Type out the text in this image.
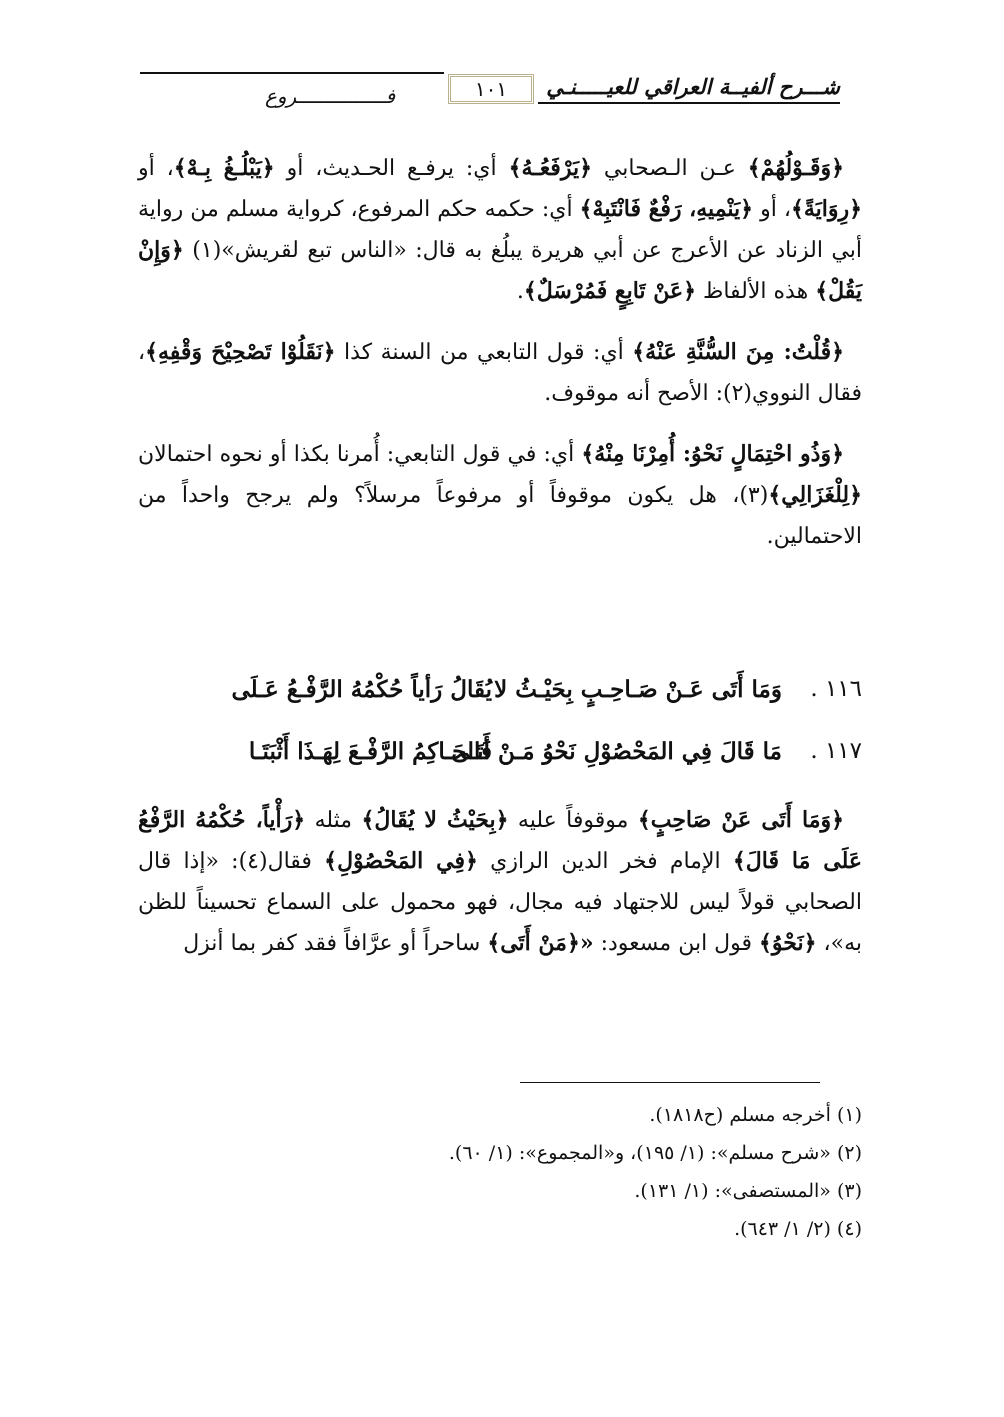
شـــرح ألفيــة العراقي للعيـــــنـي
١٠١
فـــــــــــــــروع

﴿وَقَـوْلُهُمْ﴾ عـن الـصحابي ﴿يَرْفَعُـهُ﴾ أي: يرفـع الحـديث، أو ﴿يَبْلُـغُ بِـهْ﴾، أو ﴿رِوَايَةً﴾، أو ﴿يَنْمِيهِ، رَفْعٌ فَانْتَبِهْ﴾ أي: حكمه حكم المرفوع، كرواية مسلم من رواية أبي الزناد عن الأعرج عن أبي هريرة يبلُغ به قال: «الناس تبع لقريش»(١) ﴿وَإِنْ يَقُلْ﴾ هذه الألفاظ ﴿عَنْ تَابِعٍ فَمُرْسَلٌ﴾.

﴿قُلْتُ: مِنَ السُّنَّةِ عَنْهُ﴾ أي: قول التابعي من السنة كذا ﴿نَقَلُوْا تَصْحِيْحَ وَقْفِهِ﴾، فقال النووي(٢): الأصح أنه موقوف.

﴿وَذُو احْتِمَالٍ نَحْوُ: أُمِرْنَا مِنْهُ﴾ أي: في قول التابعي: أُمرنا بكذا أو نحوه احتمالان ﴿لِلْغَزَالِي﴾(٣)، هل يكون موقوفاً أو مرفوعاً مرسلاً؟ ولم يرجح واحداً من الاحتمالين.

١١٦ .
وَمَا أَتَى عَـنْ صَـاحِـبٍ بِحَيْـثُ لا
يُقَالُ رَأياً حُكْمُهُ الرَّفْـعُ عَـلَى
١١٧ .
مَا قَالَ فِي المَحْصُوْلِ نَحْوُ مَـنْ أَتَـى
فَالحَـاكِمُ الرَّفْـعَ لِهَـذَا أَثْبَتَـا

﴿وَمَا أَتَى عَنْ صَاحِبٍ﴾ موقوفاً عليه ﴿بِحَيْثُ لا يُقَالُ﴾ مثله ﴿رَأْياً، حُكْمُهُ الرَّفْعُ عَلَى مَا قَالَ﴾ الإمام فخر الدين الرازي ﴿فِي المَحْصُوْلِ﴾ فقال(٤): «إذا قال الصحابي قولاً ليس للاجتهاد فيه مجال، فهو محمول على السماع تحسيناً للظن به»، ﴿نَحْوُ﴾ قول ابن مسعود: «﴿مَنْ أَتَى﴾ ساحراً أو عرَّافاً فقد كفر بما أنزل

(١) أخرجه مسلم (ح١٨١٨).
(٢) «شرح مسلم»: (١/ ١٩٥)، و«المجموع»: (١/ ٦٠).
(٣) «المستصفى»: (١/ ١٣١).
(٤) (٢/ ١/ ٦٤٣).
